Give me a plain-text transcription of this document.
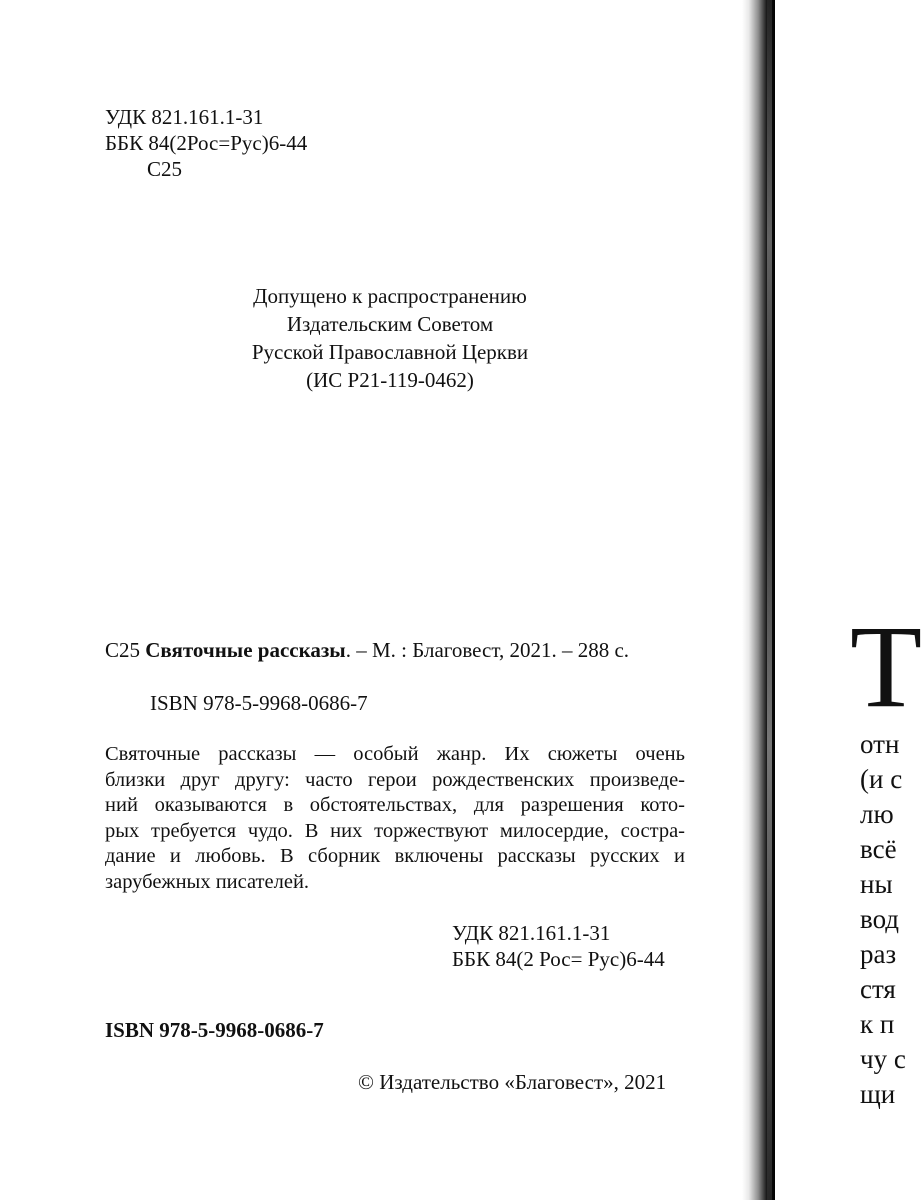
УДК 821.161.1-31
ББК 84(2Рос=Рус)6-44
С25
Допущено к распространению
Издательским Советом
Русской Православной Церкви
(ИС Р21-119-0462)
С25 Святочные рассказы. – М. : Благовест, 2021. – 288 с.
ISBN 978-5-9968-0686-7
Святочные рассказы — особый жанр. Их сюжеты очень
близки друг другу: часто герои рождественских произведе-
ний оказываются в обстоятельствах, для разрешения кото-
рых требуется чудо. В них торжествуют милосердие, состра-
дание и любовь. В сборник включены рассказы русских и
зарубежных писателей.
УДК 821.161.1-31
ББК 84(2 Рос= Рус)6-44
ISBN 978-5-9968-0686-7
© Издательство «Благовест», 2021
Т
отн
(и с
лю
всё
ны
вод
раз
стя
к п
чу с
щи
